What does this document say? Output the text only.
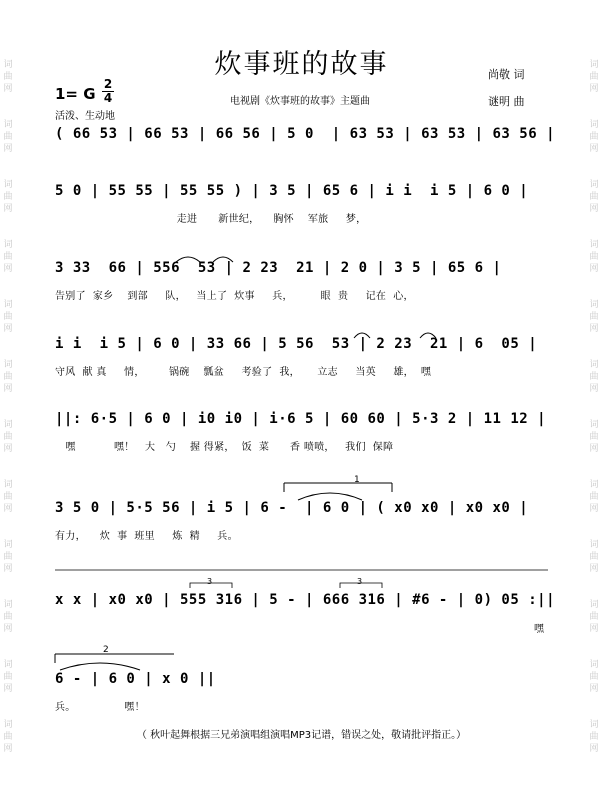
词
曲
网
词
曲
网
词
曲
网
词
曲
网
词
曲
网
词
曲
网
词
曲
网
词
曲
网
词
曲
网
词
曲
网
词
曲
网
词
曲
网
词
曲
网
词
曲
网
词
曲
网
词
曲
网
词
曲
网
词
曲
网
词
曲
网
词
曲
网
词
曲
网
词
曲
网
词
曲
网
词
曲
网
炊事班的故事	尚敬 词
谜明 曲
1= G
2
4	电视剧《炊事班的故事》主题曲
活泼、生动地
( 66 53 | 66 53 | 66 56 | 5 0  | 63 53 | 63 53 | 63 56 |
5 0 | 55 55 | 55 55 ) | 3 5 | 65 6 | i i  i 5 | 6 0 |
走进      新世纪，    胸怀    军旅     梦，
3 33  66 | 556  53 | 2 23  21 | 2 0 | 3 5 | 65 6 |
告别了  家乡    到部     队，   当上了  炊事     兵，        眼  贵     记在  心，
i i  i 5 | 6 0 | 33 66 | 5 56  53 | 2 23  21 | 6  05 |
守风  献 真     情，       锅碗    瓢盆     考验了  我，     立志     当英     雄，  嘿
||: 6·5 | 6 0 | i0 i0 | i·6 5 | 60 60 | 5·3 2 | 11 12 |
嘿           嘿！   大   勺    握 得紧，  饭  菜      香 喷喷，   我们  保障
3 5 0 | 5·5 56 | i 5 | 6 -  | 6 0 | ( x0 x0 | x0 x0 |
有力，    炊  事  班里     炼  精     兵。
x x | x0 x0 | 555 316 | 5 - | 666 316 | #6 - | 0) 05 :||
嘿
6 - | 6 0 | x 0 ||
兵。              嘿！
1
2
3	3
（ 秋叶起舞根据三兄弟演唱组演唱MP3记谱，错误之处，敬请批评指正。）
